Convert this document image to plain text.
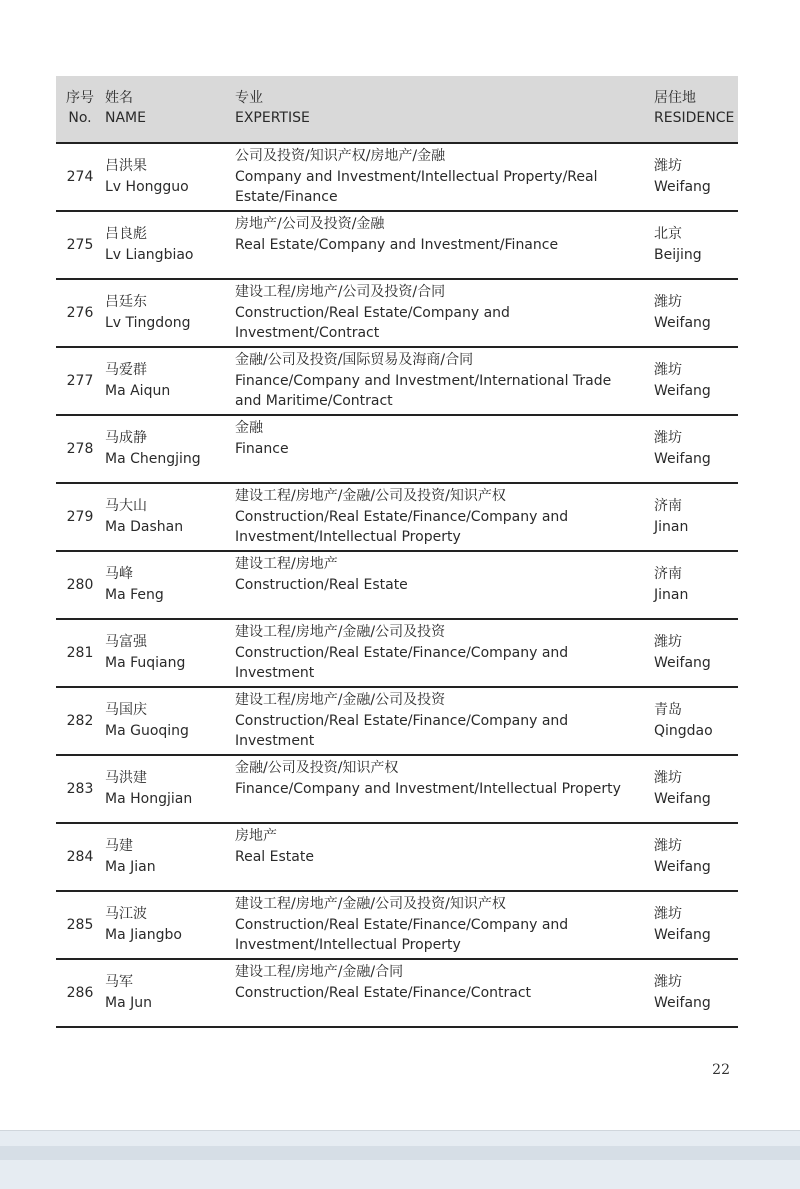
序号
No.
姓名
NAME
专业
EXPERTISE
居住地
RESIDENCE
274
吕洪果
Lv Hongguo
公司及投资/知识产权/房地产/金融
Company and Investment/Intellectual Property/Real
Estate/Finance
潍坊
Weifang
275
吕良彪
Lv Liangbiao
房地产/公司及投资/金融
Real Estate/Company and Investment/Finance
北京
Beijing
276
吕廷东
Lv Tingdong
建设工程/房地产/公司及投资/合同
Construction/Real Estate/Company and
Investment/Contract
潍坊
Weifang
277
马爱群
Ma Aiqun
金融/公司及投资/国际贸易及海商/合同
Finance/Company and Investment/International Trade
and Maritime/Contract
潍坊
Weifang
278
马成静
Ma Chengjing
金融
Finance
潍坊
Weifang
279
马大山
Ma Dashan
建设工程/房地产/金融/公司及投资/知识产权
Construction/Real Estate/Finance/Company and
Investment/Intellectual Property
济南
Jinan
280
马峰
Ma Feng
建设工程/房地产
Construction/Real Estate
济南
Jinan
281
马富强
Ma Fuqiang
建设工程/房地产/金融/公司及投资
Construction/Real Estate/Finance/Company and
Investment
潍坊
Weifang
282
马国庆
Ma Guoqing
建设工程/房地产/金融/公司及投资
Construction/Real Estate/Finance/Company and
Investment
青岛
Qingdao
283
马洪建
Ma Hongjian
金融/公司及投资/知识产权
Finance/Company and Investment/Intellectual Property
潍坊
Weifang
284
马建
Ma Jian
房地产
Real Estate
潍坊
Weifang
285
马江波
Ma Jiangbo
建设工程/房地产/金融/公司及投资/知识产权
Construction/Real Estate/Finance/Company and
Investment/Intellectual Property
潍坊
Weifang
286
马军
Ma Jun
建设工程/房地产/金融/合同
Construction/Real Estate/Finance/Contract
潍坊
Weifang
22
